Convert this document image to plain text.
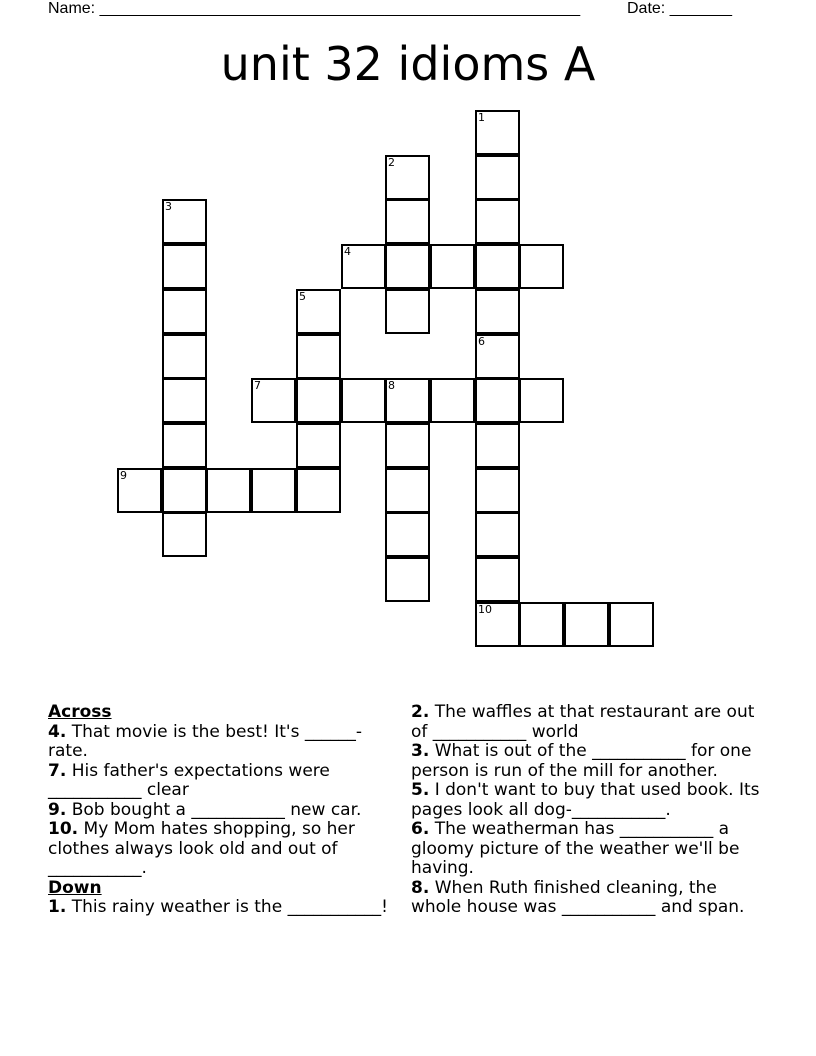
Name: ______________________________________________________	Date: _______
unit 32 idioms A
1
2
3
4
5
6
10
7	8
9
Across
4. That movie is the best! It's ______-rate.
7. His father's expectations were ___________ clear
9. Bob bought a ___________ new car.
10. My Mom hates shopping, so her clothes always look old and out of ___________.
Down
1. This rainy weather is the ___________!
2. The waffles at that restaurant are out of ___________ world
3. What is out of the ___________ for one person is run of the mill for another.
5. I don't want to buy that used book. Its pages look all dog-___________.
6. The weatherman has ___________ a gloomy picture of the weather we'll be having.
8. When Ruth finished cleaning, the whole house was ___________ and span.
